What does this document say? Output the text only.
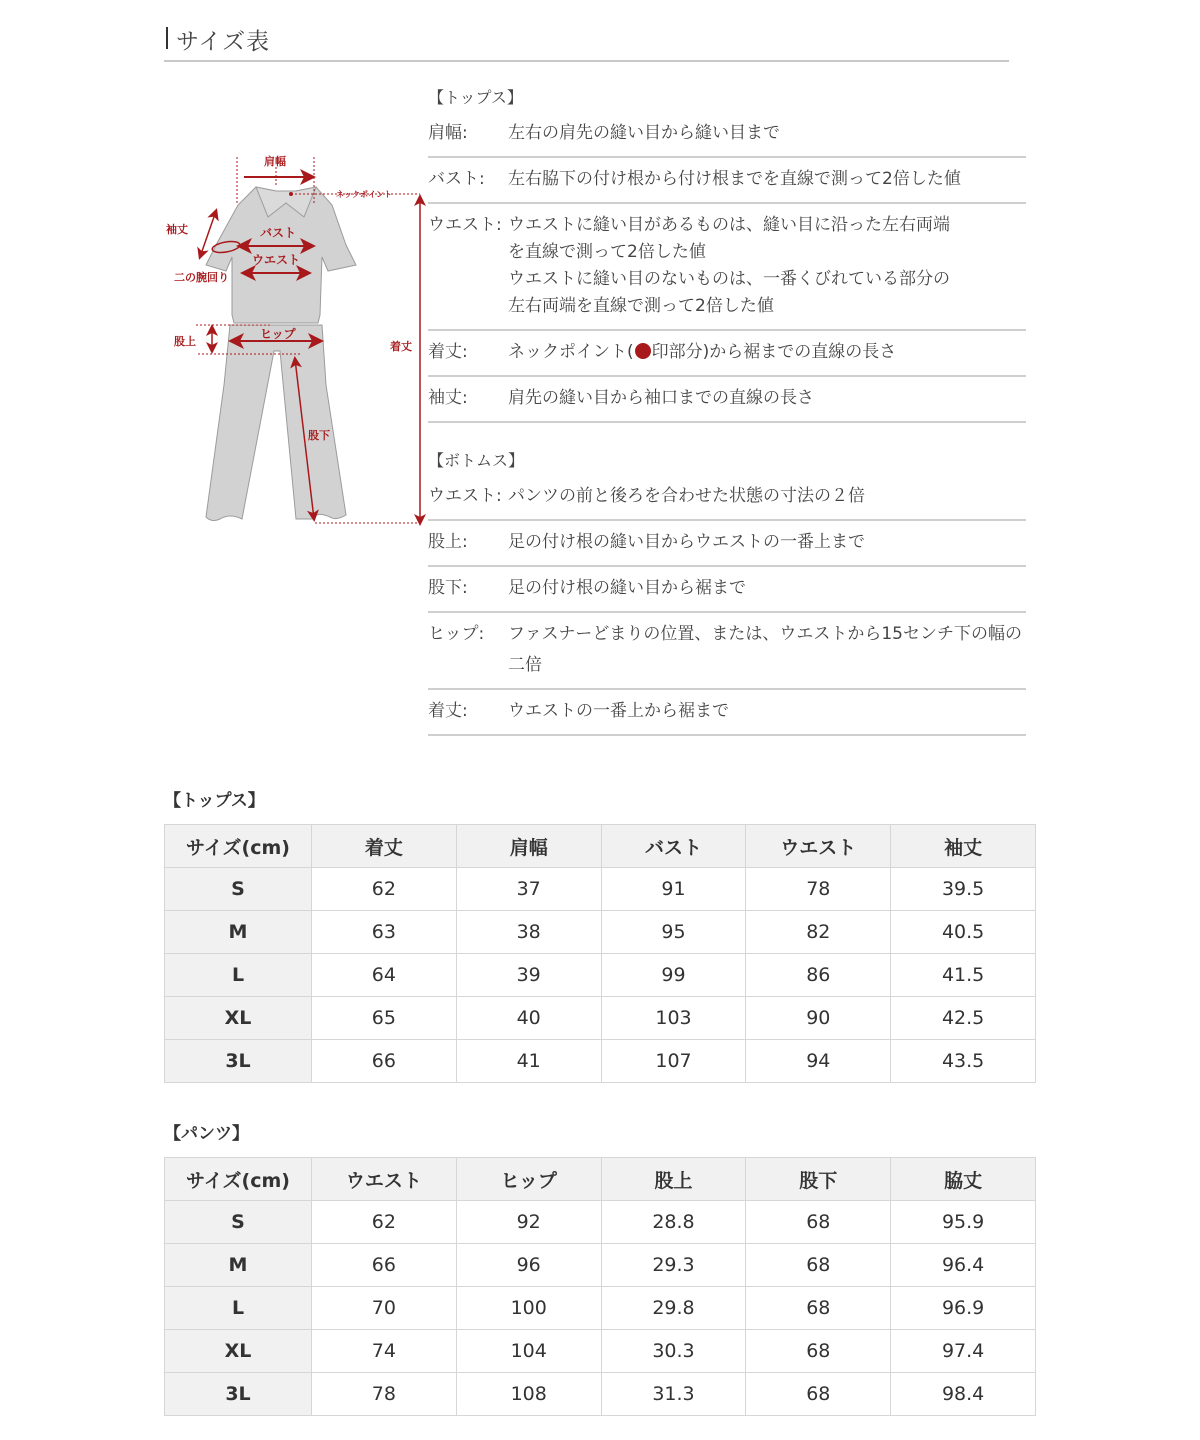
サイズ表
肩幅
ネックポイント
袖丈	バスト
ウエスト
二の腕回り
股上
ヒップ
着丈
股下
【トップス】
肩幅:	左右の肩先の縫い目から縫い目まで
バスト:	左右脇下の付け根から付け根までを直線で測って2倍した値
ウエスト: ウエストに縫い目があるものは、縫い目に沿った左右両端
を直線で測って2倍した値
ウエストに縫い目のないものは、一番くびれている部分の
左右両端を直線で測って2倍した値
着丈:	ネックポイント( 印部分)から裾までの直線の長さ
袖丈:	肩先の縫い目から袖口までの直線の長さ
【ボトムス】
ウエスト: パンツの前と後ろを合わせた状態の寸法の２倍
股上:	足の付け根の縫い目からウエストの一番上まで
股下:	足の付け根の縫い目から裾まで
ヒップ:	ファスナーどまりの位置、または、ウエストから15センチ下の幅の
二倍
着丈:	ウエストの一番上から裾まで
【トップス】
サイズ(cm)	着丈	肩幅	バスト	ウエスト	袖丈
S	62	37	91	78	39.5
M	63	38	95	82	40.5
L	64	39	99	86	41.5
XL	65	40	103	90	42.5
3L	66	41	107	94	43.5
【パンツ】
サイズ(cm)	ウエスト	ヒップ	股上	股下	脇丈
S	62	92	28.8	68	95.9
M	66	96	29.3	68	96.4
L	70	100	29.8	68	96.9
XL	74	104	30.3	68	97.4
3L	78	108	31.3	68	98.4
